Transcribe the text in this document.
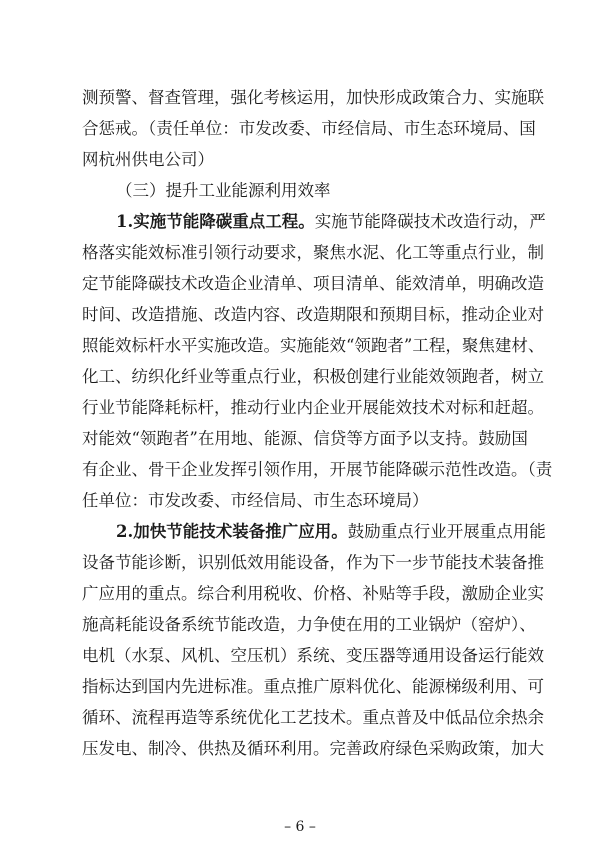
测预警、督查管理，强化考核运用，加快形成政策合力、实施联
合惩戒。（责任单位：市发改委、市经信局、市生态环境局、国
网杭州供电公司）
（三）提升工业能源利用效率
1.实施节能降碳重点工程。实施节能降碳技术改造行动，严
格落实能效标准引领行动要求，聚焦水泥、化工等重点行业，制
定节能降碳技术改造企业清单、项目清单、能效清单，明确改造
时间、改造措施、改造内容、改造期限和预期目标，推动企业对
照能效标杆水平实施改造。实施能效“领跑者”工程，聚焦建材、
化工、纺织化纤业等重点行业，积极创建行业能效领跑者，树立
行业节能降耗标杆，推动行业内企业开展能效技术对标和赶超。
对能效“领跑者”在用地、能源、信贷等方面予以支持。鼓励国
有企业、骨干企业发挥引领作用，开展节能降碳示范性改造。（责
任单位：市发改委、市经信局、市生态环境局）
2.加快节能技术装备推广应用。鼓励重点行业开展重点用能
设备节能诊断，识别低效用能设备，作为下一步节能技术装备推
广应用的重点。综合利用税收、价格、补贴等手段，激励企业实
施高耗能设备系统节能改造，力争使在用的工业锅炉（窑炉）、
电机（水泵、风机、空压机）系统、变压器等通用设备运行能效
指标达到国内先进标准。重点推广原料优化、能源梯级利用、可
循环、流程再造等系统优化工艺技术。重点普及中低品位余热余
压发电、制冷、供热及循环利用。完善政府绿色采购政策，加大
– 6 –
